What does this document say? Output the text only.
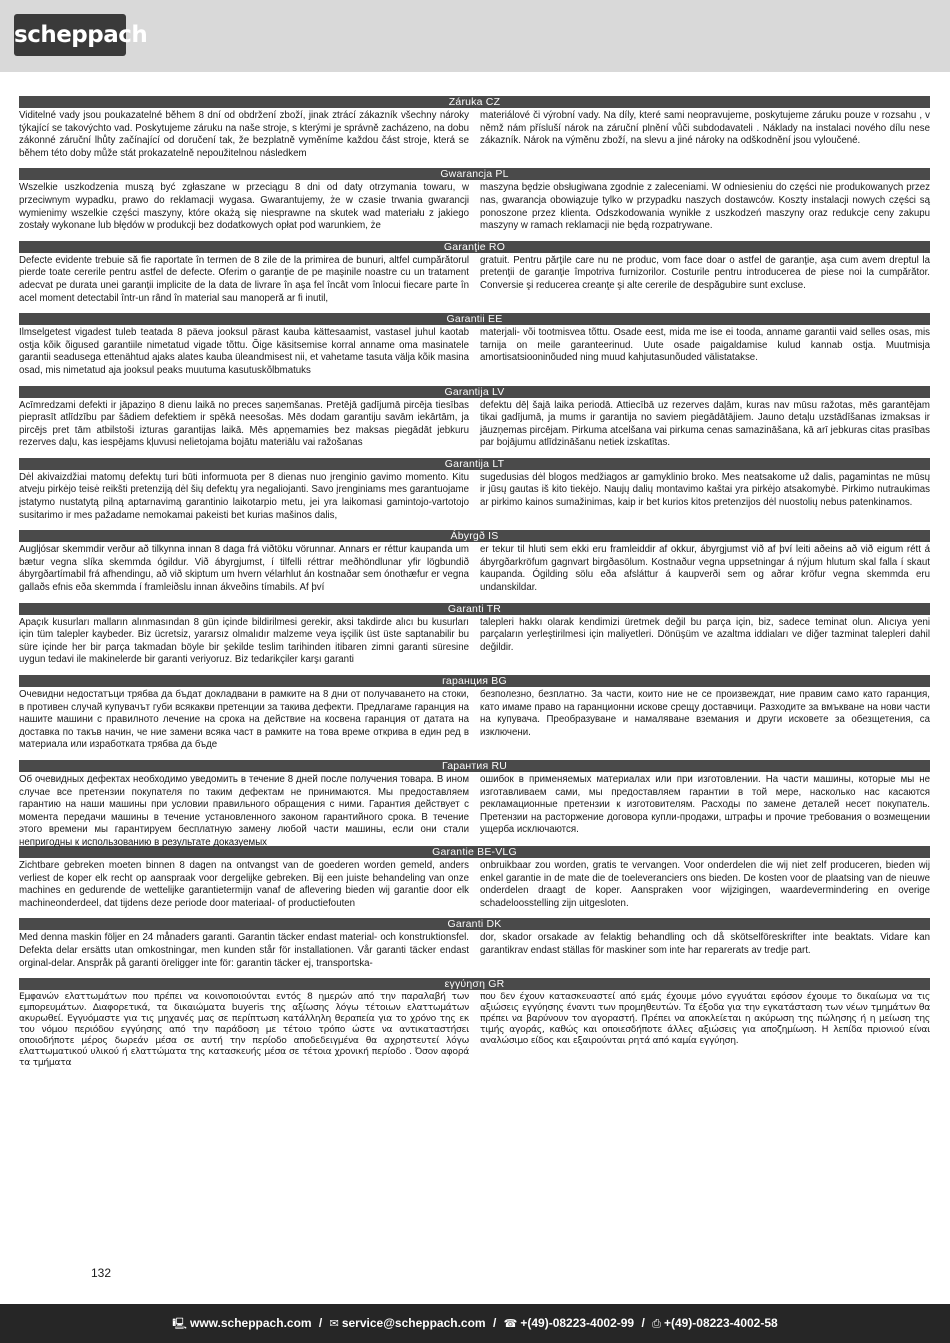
scheppach
Záruka CZ

Viditelné vady jsou poukazatelné během 8 dní od obdržení zboží, jinak ztrácí zákazník všechny nároky týkající se takovýchto vad. Poskytujeme záruku na naše stroje, s kterými je správně zacházeno, na dobu zákonné záruční lhůty začínající od doručení tak, že bezplatně vyměníme každou část stroje, která se během této doby může stát prokazatelně nepoužitelnou následkem

materiálové či výrobní vady. Na díly, které sami neopravujeme, poskytujeme záruku pouze v rozsahu , v němž nám přísluší nárok na záruční plnění vůči subdodavateli . Náklady na instalaci nového dílu nese zákazník. Nárok na výměnu zboží, na slevu a jiné nároky na odškodnění jsou vyloučené.

Gwarancja PL

Wszelkie uszkodzenia muszą być zgłaszane w przeciągu 8 dni od daty otrzymania towaru, w przeciwnym wypadku, prawo do reklamacji wygasa. Gwarantujemy, że w czasie trwania gwarancji wymienimy wszelkie części maszyny, które okażą się niesprawne na skutek wad materiału z jakiego zostały wykonane lub błędów w produkcji bez dodatkowych opłat pod warunkiem, że

maszyna będzie obsługiwana zgodnie z zaleceniami. W odniesieniu do części nie produkowanych przez nas, gwarancja obowiązuje tylko w przypadku naszych dostawców. Koszty instalacji nowych części są ponoszone przez klienta. Odszkodowania wynikłe z uszkodzeń maszyny oraz redukcje ceny zakupu maszyny w ramach reklamacji nie będą rozpatrywane.

Garanţie RO

Defecte evidente trebuie să fie raportate în termen de 8 zile de la primirea de bunuri, altfel cumpărătorul pierde toate cererile pentru astfel de defecte. Oferim o garanţie de pe maşinile noastre cu un tratament adecvat pe durata unei garanţii implicite de la data de livrare în aşa fel încât vom înlocui fiecare parte în acel moment detectabil într-un rând în material sau manoperă ar fi inutil,

gratuit. Pentru părţile care nu ne produc, vom face doar o astfel de garanţie, aşa cum avem dreptul la pretenţii de garanţie împotriva furnizorilor. Costurile pentru introducerea de piese noi la cumpărător. Conversie şi reducerea creanţe şi alte cererile de despăgubire sunt excluse.

Garantii EE

Ilmselgetest vigadest tuleb teatada 8 päeva jooksul pärast kauba kättesaamist, vastasel juhul kaotab ostja kõik õigused garantiile nimetatud vigade tõttu. Õige käsitsemise korral anname oma masinatele garantii seadusega ettenähtud ajaks alates kauba üleandmisest nii, et vahetame tasuta välja kõik masina osad, mis nimetatud aja jooksul peaks muutuma kasutuskõlbmatuks

materjali- või tootmisvea tõttu. Osade eest, mida me ise ei tooda, anname garantii vaid selles osas, mis tarnija on meile garanteerinud. Uute osade paigaldamise kulud kannab ostja. Muutmisja amortisatsiooninõuded ning muud kahjutasunõuded välistatakse.

Garantija LV

Acīmredzami defekti ir jāpaziņo 8 dienu laikā no preces saņemšanas. Pretējā gadījumā pircēja tiesības pieprasīt atlīdzību par šādiem defektiem ir spēkā neesošas. Mēs dodam garantiju savām iekārtām, ja pircējs pret tām atbilstoši izturas garantijas laikā. Mēs apņemamies bez maksas piegādāt jebkuru rezerves daļu, kas iespējams kļuvusi nelietojama bojātu materiālu vai ražošanas

defektu dēļ šajā laika periodā. Attiecībā uz rezerves daļām, kuras nav mūsu ražotas, mēs garantējam tikai gadījumā, ja mums ir garantija no saviem piegādātājiem. Jauno detaļu uzstādīšanas izmaksas ir jāuzņemas pircējam. Pirkuma atcelšana vai pirkuma cenas samazināšana, kā arī jebkuras citas prasības par bojājumu atlīdzināšanu netiek izskatītas.

Garantija LT

Dėl akivaizdžiai matomų defektų turi būti informuota per 8 dienas nuo įrenginio gavimo momento. Kitu atveju pirkėjo teisė reikšti pretenziją dėl šių defektų yra negaliojanti. Savo įrenginiams mes garantuojame įstatymo nustatytą pilną aptarnavimą garantinio laikotarpio metu, jei yra laikomasi gamintojo-vartotojo susitarimo ir mes pažadame nemokamai pakeisti bet kurias mašinos dalis,

sugedusias dėl blogos medžiagos ar gamyklinio broko. Mes neatsakome už dalis, pagamintas ne mūsų ir jūsų gautas iš kito tiekėjo. Naujų dalių montavimo kaštai yra pirkėjo atsakomybė. Pirkimo nutraukimas ar pirkimo kainos sumažinimas, kaip ir bet kurios kitos pretenzijos dėl nuostolių nebus patenkinamos.

Ábyrgð IS

Augljósar skemmdir verður að tilkynna innan 8 daga frá viðtöku vörunnar. Annars er réttur kaupanda um bætur vegna slíka skemmda ógildur. Við ábyrgjumst, í tilfelli réttrar meðhöndlunar yfir lögbundið ábyrgðartímabil frá afhendingu, að við skiptum um hvern vélarhlut án kostnaðar sem ónothæfur er vegna gallaðs efnis eða skemmda í framleiðslu innan ákveðins tímabils. Af því

er tekur til hluti sem ekki eru framleiddir af okkur, ábyrgjumst við af því leiti aðeins að við eigum rétt á ábyrgðarkröfum gagnvart birgðasölum. Kostnaður vegna uppsetningar á nýjum hlutum skal falla í skaut kaupanda. Ógilding sölu eða afsláttur á kaupverði sem og aðrar kröfur vegna skemmda eru undanskildar.

Garanti TR

Apaçık kusurları malların alınmasından 8 gün içinde bildirilmesi gerekir, aksi takdirde alıcı bu kusurları için tüm talepler kaybeder. Biz ücretsiz, yararsız olmalıdır malzeme veya işçilik üst üste saptanabilir bu süre içinde her bir parça takmadan böyle bir şekilde teslim tarihinden itibaren zimni garanti süresine uygun tedavi ile makinelerde bir garanti veriyoruz. Biz tedarikçiler karşı garanti

talepleri hakkı olarak kendimizi üretmek değil bu parça için, biz, sadece teminat olun. Alıcıya yeni parçaların yerleştirilmesi için maliyetleri. Dönüşüm ve azaltma iddiaları ve diğer tazminat talepleri dahil değildir.

гаранция BG

Очевидни недостатъци трябва да бъдат докладвани в рамките на 8 дни от получаването на стоки, в противен случай купувачът губи всякакви претенции за такива дефекти. Предлагаме гаранция на нашите машини с правилното лечение на срока на действие на косвена гаранция от датата на доставка по такъв начин, че ние замени всяка част в рамките на това време открива в един ред в материала или изработката трябва да бъде

безполезно, безплатно. За части, които ние не се произвеждат, ние правим само като гаранция, като имаме право на гаранционни искове срещу доставчици. Разходите за вмъкване на нови части на купувача. Преобразуване и намаляване вземания и други исковете за обезщетения, са изключени.

Гарантия RU

Об очевидных дефектах необходимо уведомить в течение 8 дней после получения товара. В ином случае все претензии покупателя по таким дефектам не принимаются. Мы предоставляем гарантию на наши машины при условии правильного обращения с ними. Гарантия действует с момента передачи машины в течение установленного законом гарантийного срока. В течение этого времени мы гарантируем бесплатную замену любой части машины, если они стали непригодны к использованию в результате доказуемых

ошибок в применяемых материалах или при изготовлении. На части машины, которые мы не изготавливаем сами, мы предоставляем гарантии в той мере, насколько нас касаются рекламационные претензии к изготовителям. Расходы по замене деталей несет покупатель. Претензии на расторжение договора купли-продажи, штрафы и прочие требования о возмещении ущерба исключаются.

Garantie BE-VLG

Zichtbare gebreken moeten binnen 8 dagen na ontvangst van de goederen worden gemeld, anders verliest de koper elk recht op aanspraak voor dergelijke gebreken. Bij een juiste behandeling van onze machines en gedurende de wettelijke garantietermijn vanaf de aflevering bieden wij garantie door elk machineonderdeel, dat tijdens deze periode door materiaal- of productiefouten

onbruikbaar zou worden, gratis te vervangen. Voor onderdelen die wij niet zelf produceren, bieden wij enkel garantie in de mate die de toeleveranciers ons bieden. De kosten voor de plaatsing van de nieuwe onderdelen draagt de koper. Aanspraken voor wijzigingen, waardevermindering en overige schadeloosstelling zijn uitgesloten.

Garanti DK

Med denna maskin följer en 24 månaders garanti. Garantin täcker endast material- och konstruktionsfel. Defekta delar ersätts utan omkostningar, men kunden står för installationen. Vår garanti täcker endast orginal-delar. Anspråk på garanti öreligger inte för: garantin täcker ej, transportska-

dor, skador orsakade av felaktig behandling och då skötselföreskrifter inte beaktats. Vidare kan garantikrav endast ställas för maskiner som inte har reparerats av tredje part.

εγγύηση GR

Εμφανών ελαττωμάτων που πρέπει να κοινοποιούνται εντός 8 ημερών από την παραλαβή των εμπορευμάτων. Διαφορετικά, τα δικαιώματα buyeris της αξίωσης λόγω τέτοιων ελαττωμάτων ακυρωθεί. Εγγυόμαστε για τις μηχανές μας σε περίπτωση κατάλληλη θεραπεία για το χρόνο της εκ του νόμου περιόδου εγγύησης από την παράδοση με τέτοιο τρόπο ώστε να αντικαταστήσει οποιοδήποτε μέρος δωρεάν μέσα σε αυτή την περίοδο αποδεδειγμένα θα αχρηστευτεί λόγω ελαττωματικού υλικού ή ελαττώματα της κατασκευής μέσα σε τέτοια χρονική περίοδο . Όσον αφορά τα τμήματα

που δεν έχουν κατασκευαστεί από εμάς έχουμε μόνο εγγυάται εφόσον έχουμε το δικαίωμα να τις αξιώσεις εγγύησης έναντι των προμηθευτών. Τα έξοδα για την εγκατάσταση των νέων τμημάτων θα πρέπει να βαρύνουν τον αγοραστή. Πρέπει να αποκλείεται η ακύρωση της πώλησης ή η μείωση της τιμής αγοράς, καθώς και οποιεσδήποτε άλλες αξιώσεις για αποζημίωση. Η λεπίδα πριονιού είναι αναλώσιμο είδος και εξαιρούνται ρητά από καμία εγγύηση.

132
🖳 www.scheppach.com / ✉ service@scheppach.com / ☎ +(49)-08223-4002-99 / ⎙ +(49)-08223-4002-58
